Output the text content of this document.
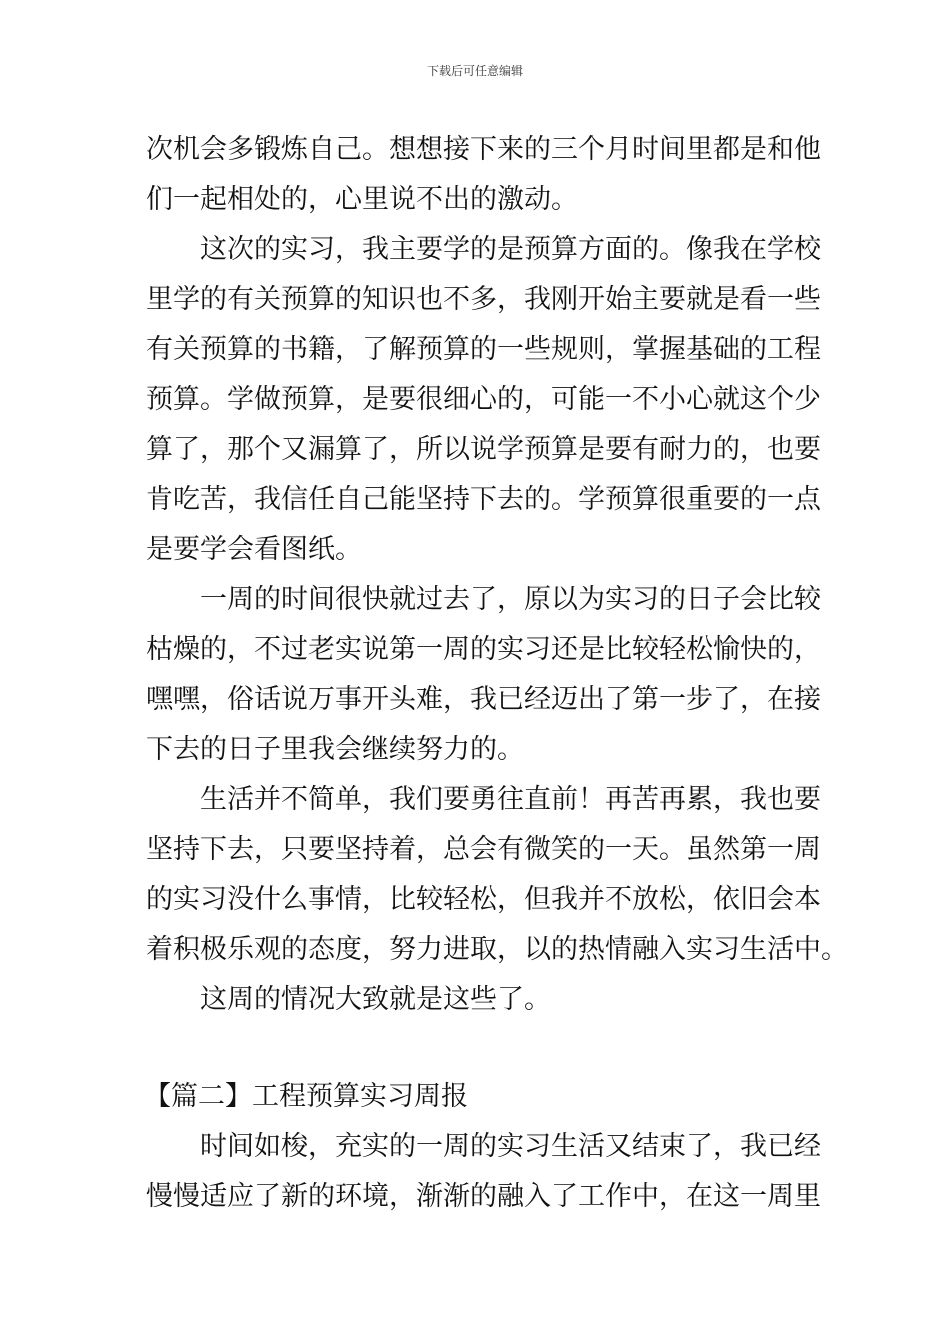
下载后可任意编辑
次机会多锻炼自己。想想接下来的三个月时间里都是和他
们一起相处的，心里说不出的激动。
这次的实习，我主要学的是预算方面的。像我在学校
里学的有关预算的知识也不多，我刚开始主要就是看一些
有关预算的书籍，了解预算的一些规则，掌握基础的工程
预算。学做预算，是要很细心的，可能一不小心就这个少
算了，那个又漏算了，所以说学预算是要有耐力的，也要
肯吃苦，我信任自己能坚持下去的。学预算很重要的一点
是要学会看图纸。
一周的时间很快就过去了，原以为实习的日子会比较
枯燥的，不过老实说第一周的实习还是比较轻松愉快的，
嘿嘿，俗话说万事开头难，我已经迈出了第一步了，在接
下去的日子里我会继续努力的。
生活并不简单，我们要勇往直前！再苦再累，我也要
坚持下去，只要坚持着，总会有微笑的一天。虽然第一周
的实习没什么事情，比较轻松，但我并不放松，依旧会本
着积极乐观的态度，努力进取，以的热情融入实习生活中。
这周的情况大致就是这些了。
【篇二】工程预算实习周报
时间如梭，充实的一周的实习生活又结束了，我已经
慢慢适应了新的环境，渐渐的融入了工作中，在这一周里
